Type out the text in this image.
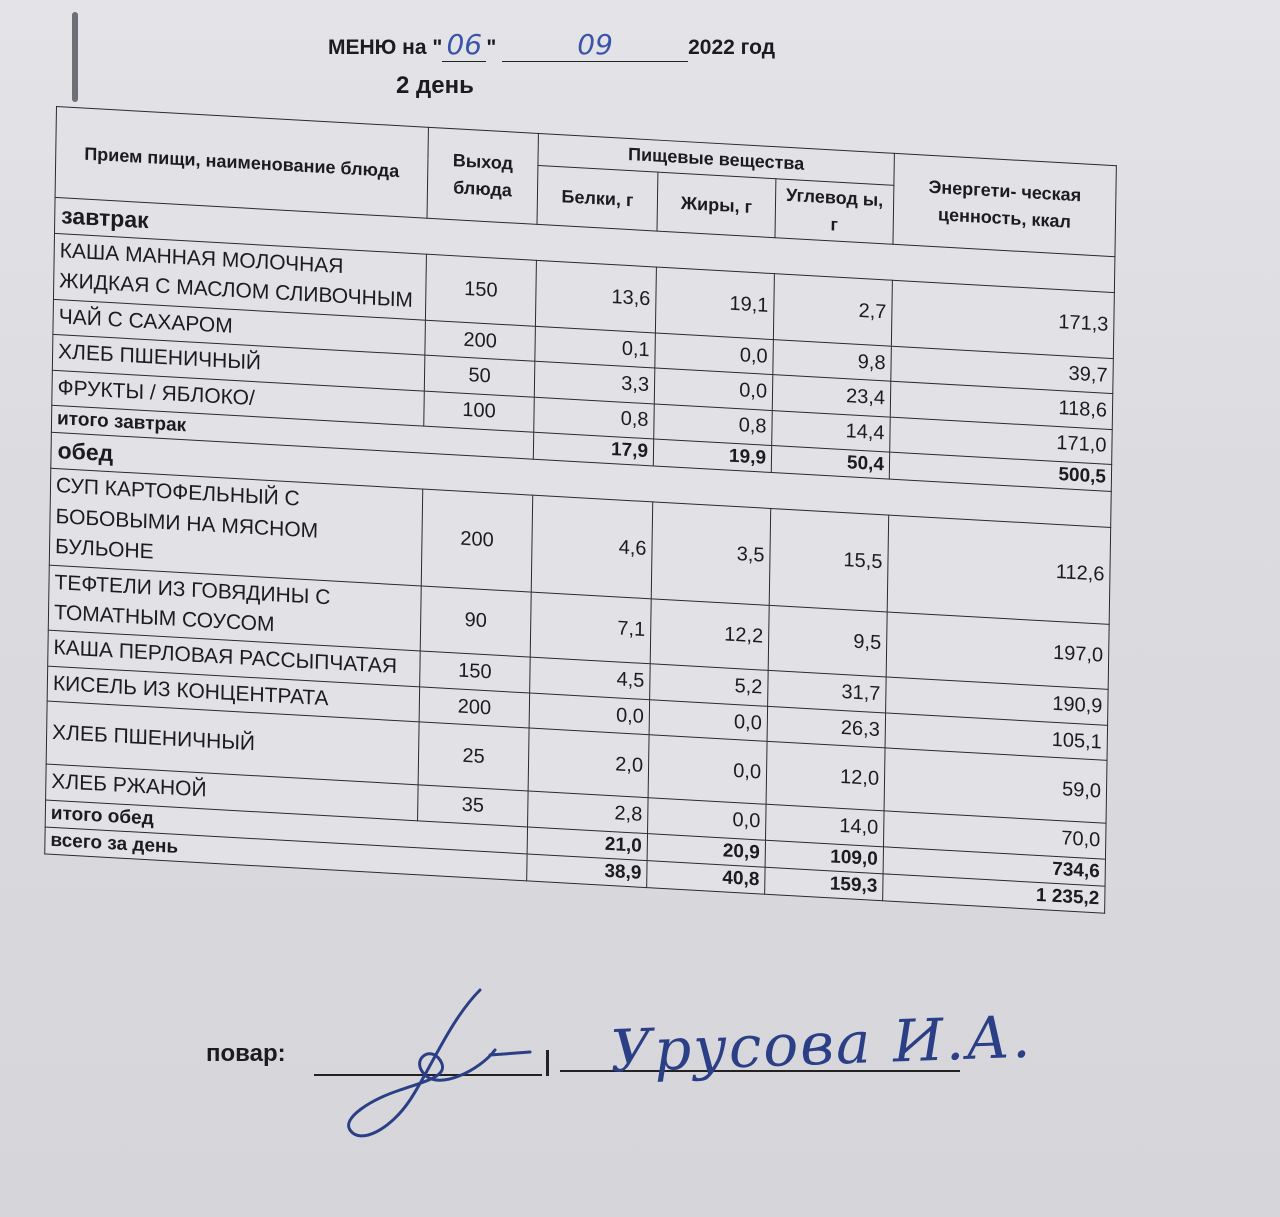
МЕНЮ на " 06 "	09	2022 год
2 день
Прием пищи, наименование блюда	Выход блюда	Пищевые вещества			Энергети- ческая ценность, ккал
		Белки, г	Жиры, г	Углевод ы, г	
завтрак					
КАША МАННАЯ МОЛОЧНАЯ ЖИДКАЯ С МАСЛОМ СЛИВОЧНЫМ	150	13,6	19,1	2,7	171,3
ЧАЙ С САХАРОМ	200	0,1	0,0	9,8	39,7
ХЛЕБ ПШЕНИЧНЫЙ	50	3,3	0,0	23,4	118,6
ФРУКТЫ / ЯБЛОКО/	100	0,8	0,8	14,4	171,0
итого завтрак		17,9	19,9	50,4	500,5
обед					
СУП КАРТОФЕЛЬНЫЙ С БОБОВЫМИ НА МЯСНОМ БУЛЬОНЕ	200	4,6	3,5	15,5	112,6
ТЕФТЕЛИ ИЗ ГОВЯДИНЫ С ТОМАТНЫМ СОУСОМ	90	7,1	12,2	9,5	197,0
КАША ПЕРЛОВАЯ РАССЫПЧАТАЯ	150	4,5	5,2	31,7	190,9
КИСЕЛЬ ИЗ КОНЦЕНТРАТА	200	0,0	0,0	26,3	105,1
ХЛЕБ ПШЕНИЧНЫЙ	25	2,0	0,0	12,0	59,0
ХЛЕБ РЖАНОЙ	35	2,8	0,0	14,0	70,0
итого обед		21,0	20,9	109,0	734,6
всего за день		38,9	40,8	159,3	1 235,2
повар:	Урусова И.А.
